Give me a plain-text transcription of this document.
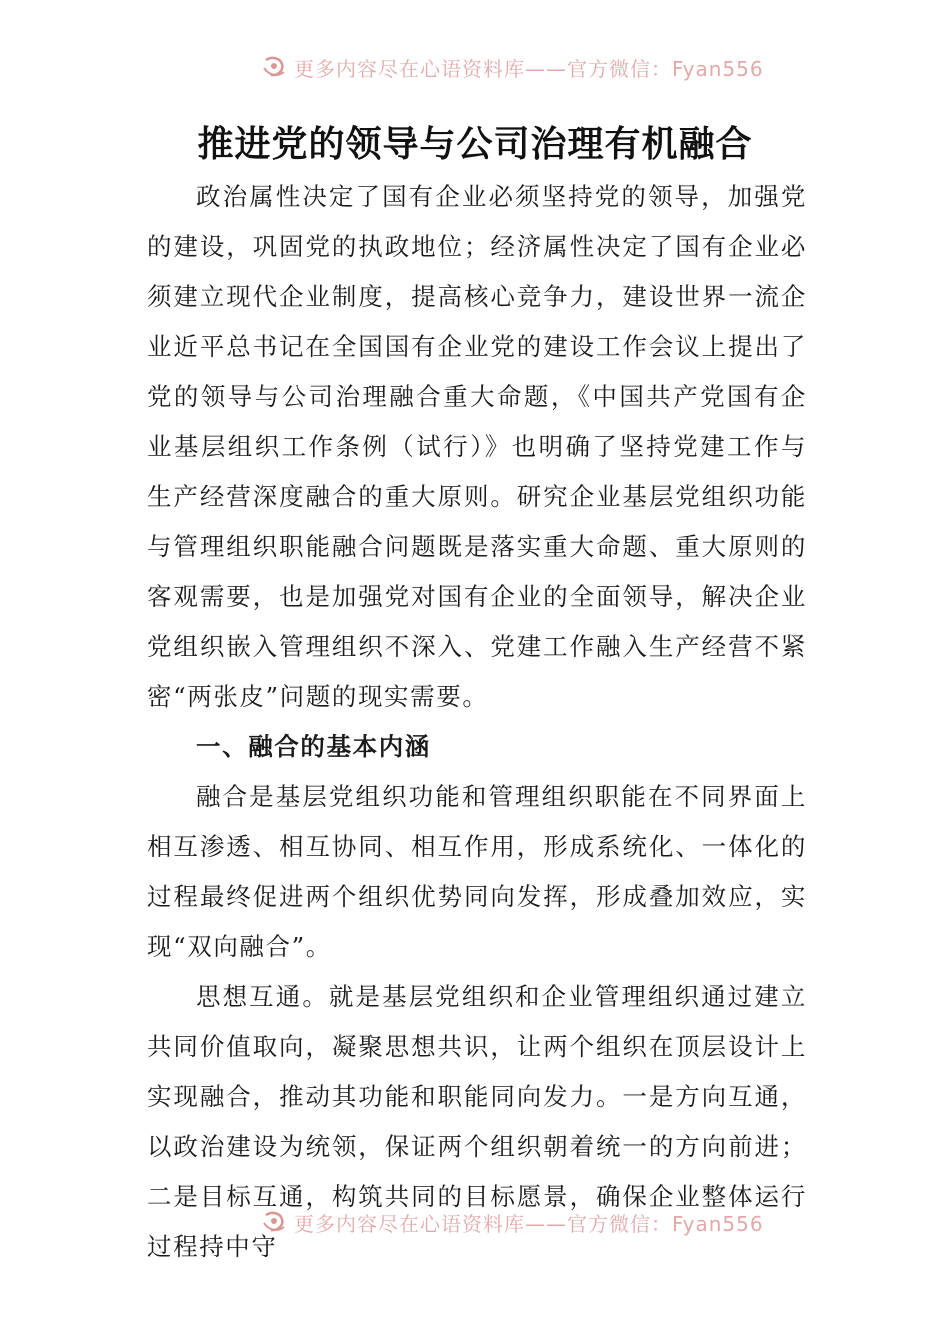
更多内容尽在心语资料库——官方微信：Fyan556
推进党的领导与公司治理有机融合

政治属性决定了国有企业必须坚持党的领导，加强党的建设，巩固党的执政地位；经济属性决定了国有企业必须建立现代企业制度，提高核心竞争力，建设世界一流企业近平总书记在全国国有企业党的建设工作会议上提出了党的领导与公司治理融合重大命题，《中国共产党国有企业基层组织工作条例（试行）》也明确了坚持党建工作与生产经营深度融合的重大原则。研究企业基层党组织功能与管理组织职能融合问题既是落实重大命题、重大原则的客观需要，也是加强党对国有企业的全面领导，解决企业党组织嵌入管理组织不深入、党建工作融入生产经营不紧密“两张皮”问题的现实需要。

一、融合的基本内涵

融合是基层党组织功能和管理组织职能在不同界面上相互渗透、相互协同、相互作用，形成系统化、一体化的过程最终促进两个组织优势同向发挥，形成叠加效应，实现“双向融合”。

思想互通。就是基层党组织和企业管理组织通过建立共同价值取向，凝聚思想共识，让两个组织在顶层设计上实现融合，推动其功能和职能同向发力。一是方向互通，以政治建设为统领，保证两个组织朝着统一的方向前进；二是目标互通，构筑共同的目标愿景，确保企业整体运行过程持中守

更多内容尽在心语资料库——官方微信：Fyan556
